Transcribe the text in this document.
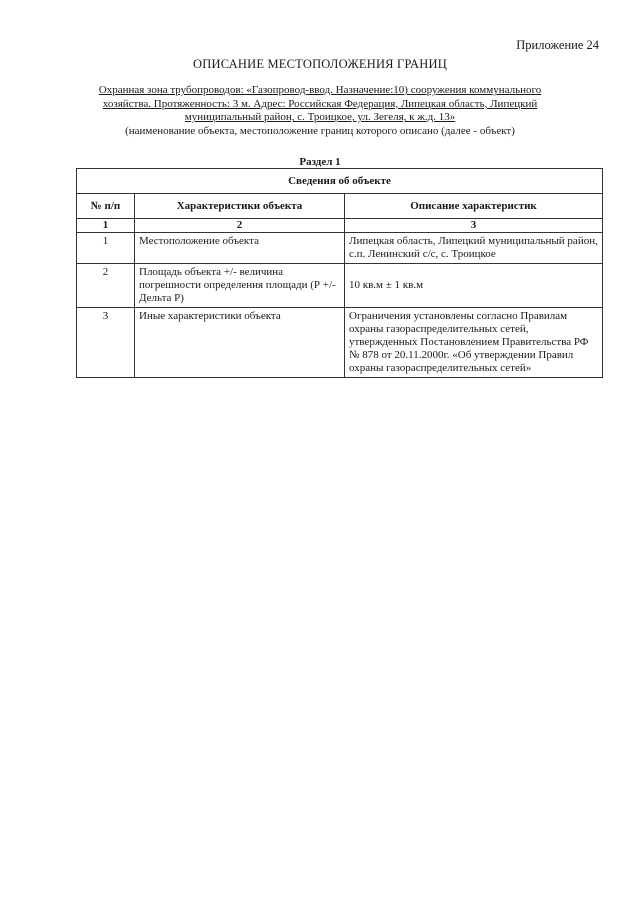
Приложение 24
ОПИСАНИЕ МЕСТОПОЛОЖЕНИЯ ГРАНИЦ
Охранная зона трубопроводов: «Газопровод-ввод. Назначение:10) сооружения коммунального
хозяйства. Протяженность: 3 м. Адрес: Российская Федерация, Липецкая область, Липецкий
муниципальный район, с. Троицкое, ул. Зегеля, к ж.д. 13»

(наименование объекта, местоположение границ которого описано (далее - объект)
Раздел 1
Сведения об объекте		
№ п/п	Характеристики объекта	Описание характеристик
1	2	3
1	Местоположение объекта	Липецкая область, Липецкий муниципальный район, с.п. Ленинский с/с, с. Троицкое
2	Площадь объекта +/- величина погрешности определения площади (Р +/- Дельта Р)	10 кв.м ± 1 кв.м
3	Иные характеристики объекта	Ограничения установлены согласно Правилам охраны газораспределительных сетей, утвержденных Постановлением Правительства РФ № 878 от 20.11.2000г. «Об утверждении Правил охраны газораспределительных сетей»
